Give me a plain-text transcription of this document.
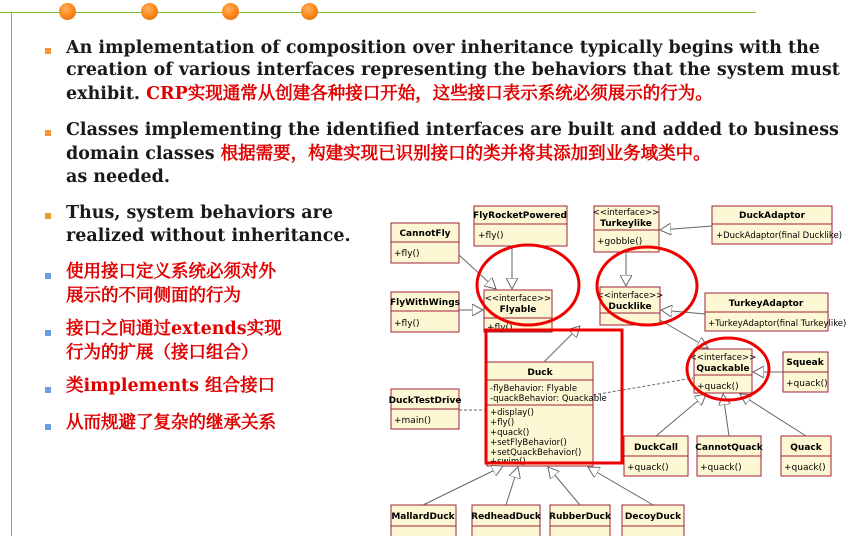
An implementation of composition over inheritance typically begins with the
creation of various interfaces representing the behaviors that the system must
exhibit. CRP实现通常从创建各种接口开始，这些接口表示系统必须展示的行为。
Classes implementing the identified interfaces are built and added to business
domain classes 根据需要，构建实现已识别接口的类并将其添加到业务域类中。
as needed.
Thus, system behaviors are
realized without inheritance.
使用接口定义系统必须对外
展示的不同侧面的行为
接口之间通过extends实现
行为的扩展（接口组合）
类implements 组合接口
从而规避了复杂的继承关系
FlyRocketPowered
+fly()
<<interface>>
Turkeylike
+gobble()
DuckAdaptor
+DuckAdaptor(final Ducklike)
CannotFly
+fly()
FlyWithWings
+fly()
<<interface>>
Flyable
+fly()
<<interface>>
Ducklike	TurkeyAdaptor
+TurkeyAdaptor(final Turkeylike)
<<interface>>
Quackable
+quack()
Squeak
+quack()
Duck
-flyBehavior: Flyable
-quackBehavior: Quackable
+display()
+fly()
+quack()
+setFlyBehavior()
+setQuackBehavior()
+swim()
DuckTestDrive
+main()
DuckCall
+quack()
CannotQuack
+quack()
Quack
+quack()
MallardDuck RedheadDuck RubberDuck DecoyDuck
